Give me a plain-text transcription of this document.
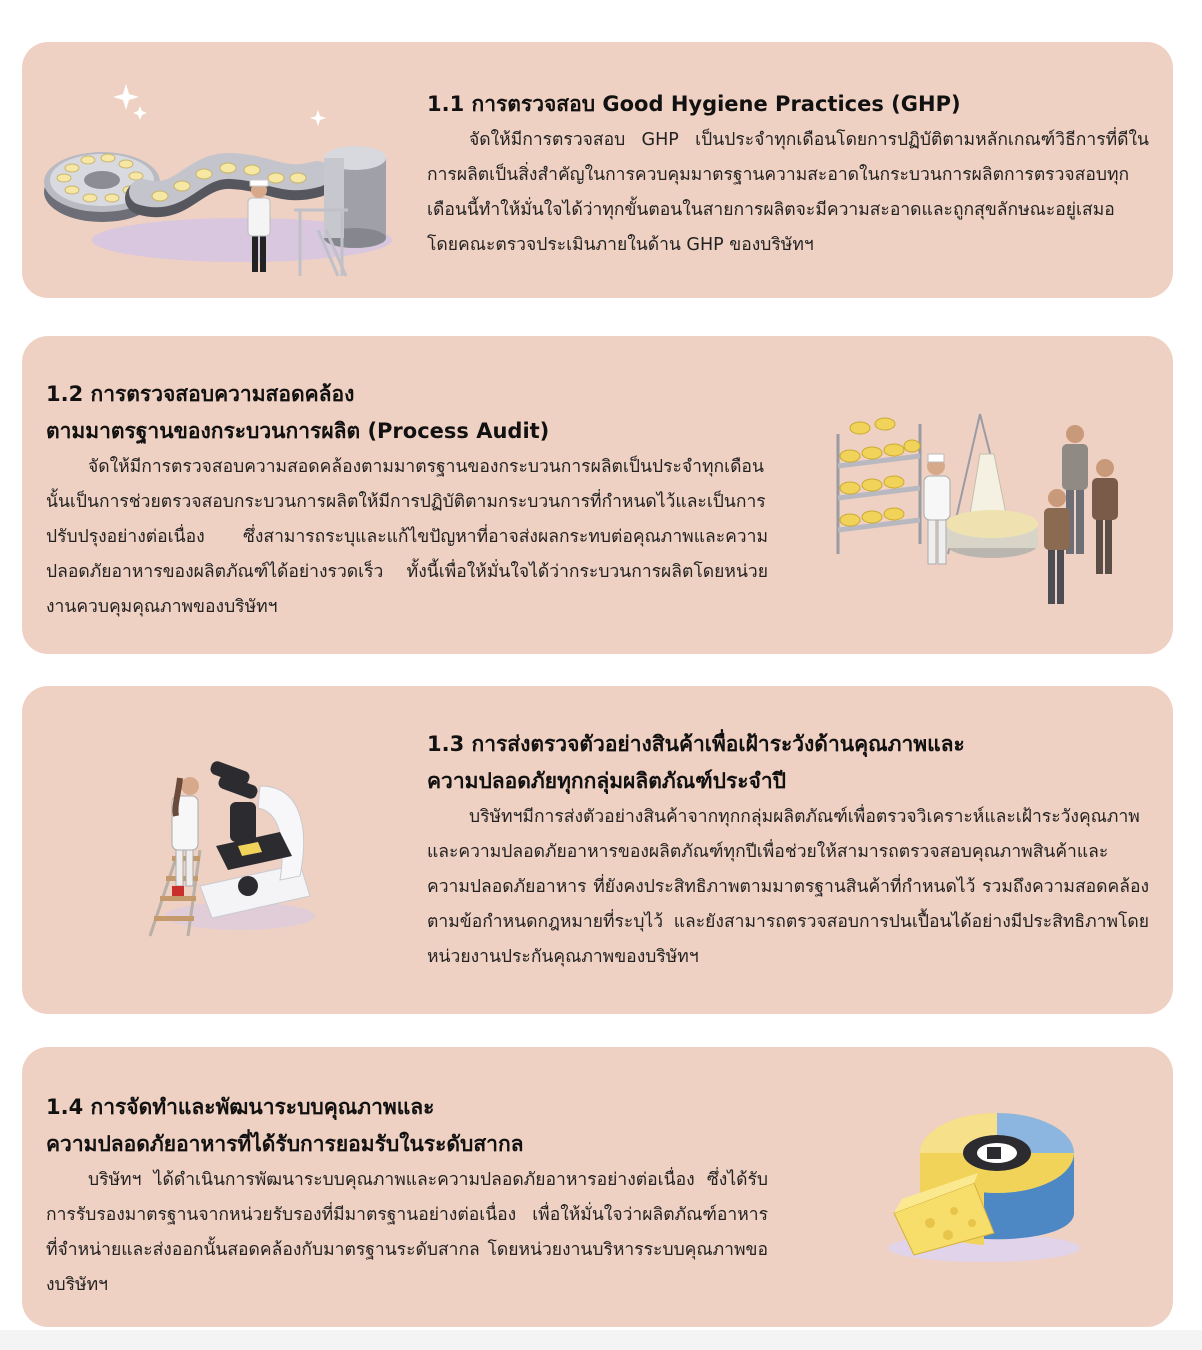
1.1 การตรวจสอบ Good Hygiene Practices (GHP)

จัดให้มีการตรวจสอบ GHP เป็นประจำทุกเดือนโดยการปฏิบัติตามหลักเกณฑ์วิธีการที่ดีในการผลิตเป็นสิ่งสำคัญในการควบคุมมาตรฐานความสะอาดในกระบวนการผลิตการตรวจสอบทุกเดือนนี้ทำให้มั่นใจได้ว่าทุกขั้นตอนในสายการผลิตจะมีความสะอาดและถูกสุขลักษณะอยู่เสมอ โดยคณะตรวจประเมินภายในด้าน GHP ของบริษัทฯ

1.2 การตรวจสอบความสอดคล้อง
ตามมาตรฐานของกระบวนการผลิต (Process Audit)

จัดให้มีการตรวจสอบความสอดคล้องตามมาตรฐานของกระบวนการผลิตเป็นประจำทุกเดือนนั้นเป็นการช่วยตรวจสอบกระบวนการผลิตให้มีการปฏิบัติตามกระบวนการที่กำหนดไว้และเป็นการปรับปรุงอย่างต่อเนื่อง ซึ่งสามารถระบุและแก้ไขปัญหาที่อาจส่งผลกระทบต่อคุณภาพและความปลอดภัยอาหารของผลิตภัณฑ์ได้อย่างรวดเร็ว ทั้งนี้เพื่อให้มั่นใจได้ว่ากระบวนการผลิตโดยหน่วยงานควบคุมคุณภาพของบริษัทฯ

1.3 การส่งตรวจตัวอย่างสินค้าเพื่อเฝ้าระวังด้านคุณภาพและ
ความปลอดภัยทุกกลุ่มผลิตภัณฑ์ประจำปี

บริษัทฯมีการส่งตัวอย่างสินค้าจากทุกกลุ่มผลิตภัณฑ์เพื่อตรวจวิเคราะห์และเฝ้าระวังคุณภาพและความปลอดภัยอาหารของผลิตภัณฑ์ทุกปีเพื่อช่วยให้สามารถตรวจสอบคุณภาพสินค้าและความปลอดภัยอาหาร ที่ยังคงประสิทธิภาพตามมาตรฐานสินค้าที่กำหนดไว้ รวมถึงความสอดคล้องตามข้อกำหนดกฎหมายที่ระบุไว้ และยังสามารถตรวจสอบการปนเปื้อนได้อย่างมีประสิทธิภาพโดยหน่วยงานประกันคุณภาพของบริษัทฯ

1.4 การจัดทำและพัฒนาระบบคุณภาพและ
ความปลอดภัยอาหารที่ได้รับการยอมรับในระดับสากล

บริษัทฯ ได้ดำเนินการพัฒนาระบบคุณภาพและความปลอดภัยอาหารอย่างต่อเนื่อง ซึ่งได้รับการรับรองมาตรฐานจากหน่วยรับรองที่มีมาตรฐานอย่างต่อเนื่อง เพื่อให้มั่นใจว่าผลิตภัณฑ์อาหารที่จำหน่ายและส่งออกนั้นสอดคล้องกับมาตรฐานระดับสากล โดยหน่วยงานบริหารระบบคุณภาพของบริษัทฯ
